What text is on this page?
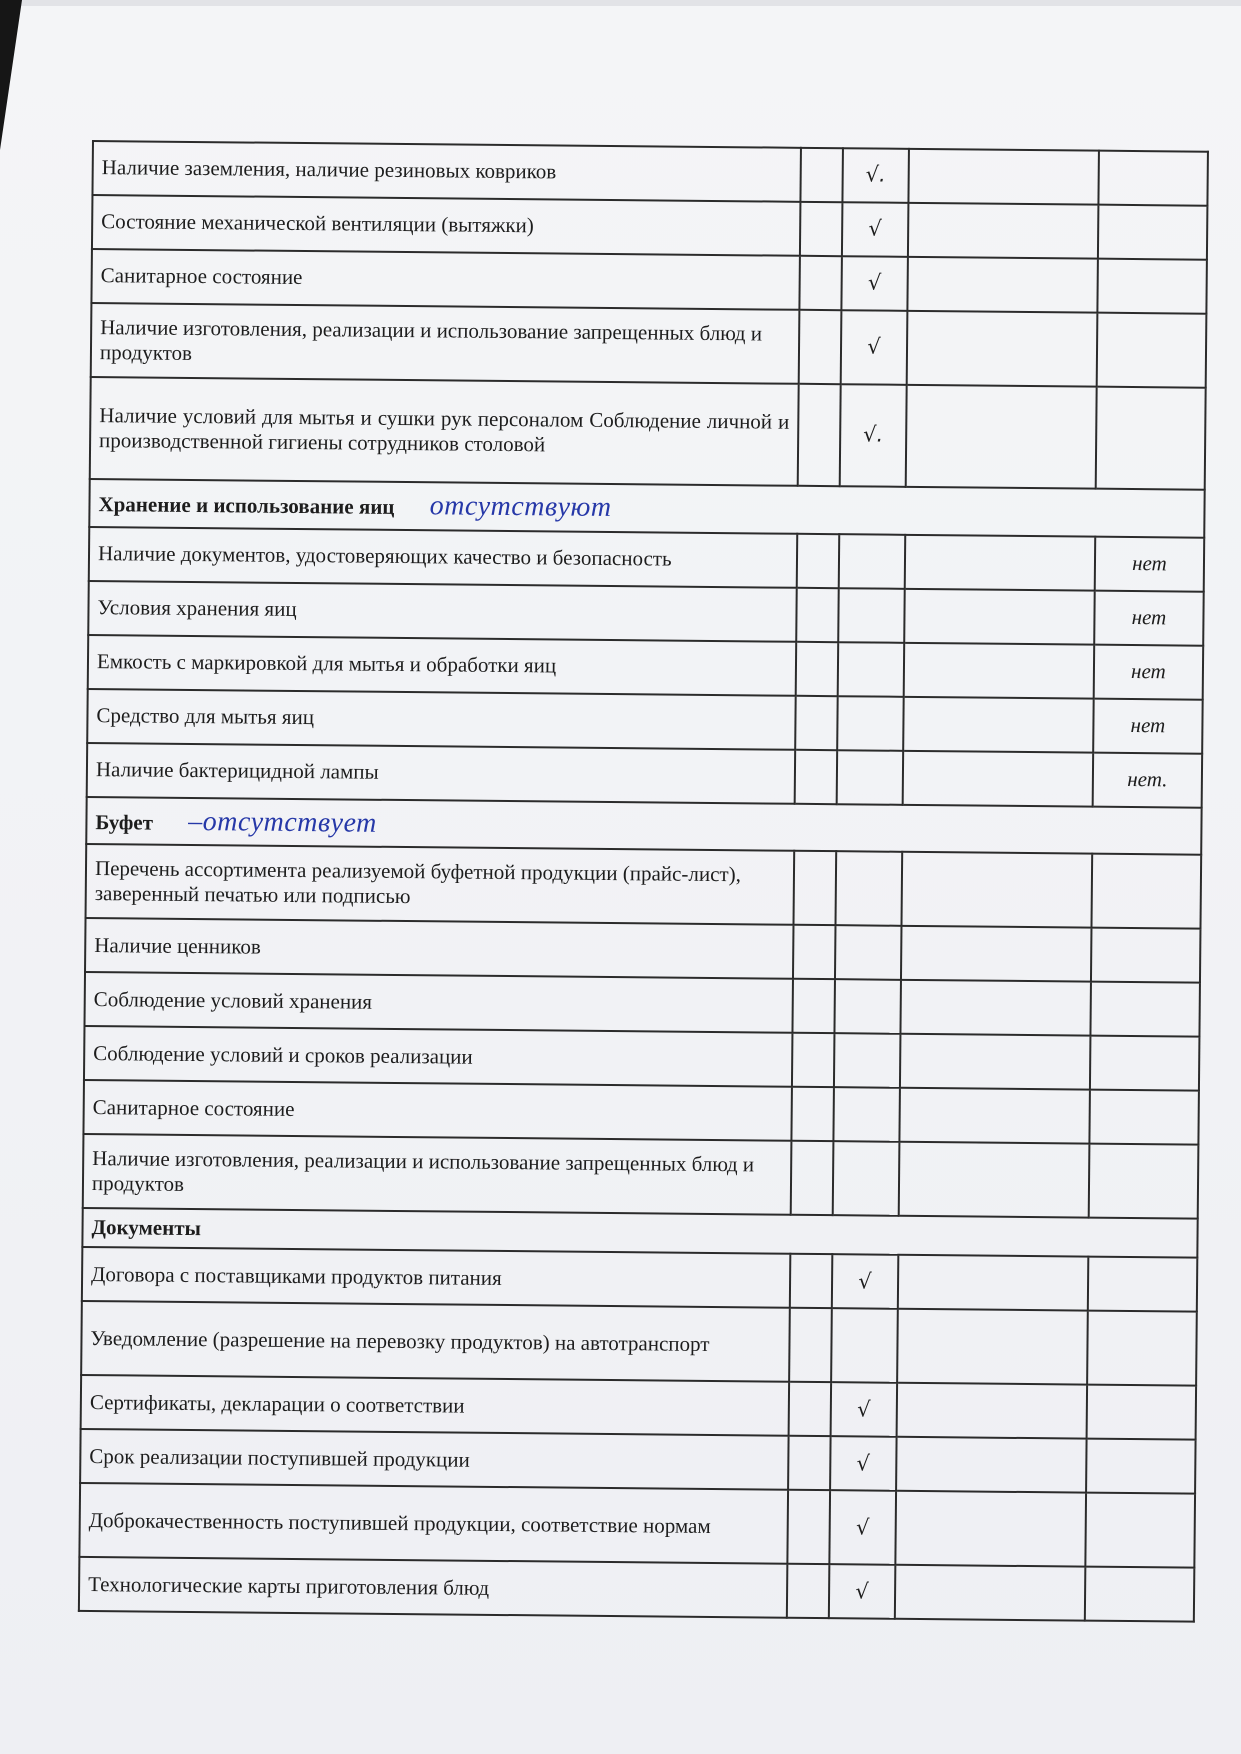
Наличие заземления, наличие резиновых ковриков		√.		
Состояние механической вентиляции (вытяжки)		√		
Санитарное состояние		√		
Наличие изготовления, реализации и использование запрещенных блюд и продуктов		√		
Наличие условий для мытья и сушки рук персоналом Соблюдение личной и производственной гигиены сотрудников столовой		√.		
Хранение и использование яиц отсутствуют				
Наличие документов, удостоверяющих качество и безопасность				нет
Условия хранения яиц				нет
Емкость с маркировкой для мытья и обработки яиц				нет
Средство для мытья яиц				нет
Наличие бактерицидной лампы				нет.
Буфет –отсутствует				
Перечень ассортимента реализуемой буфетной продукции (прайс-лист), заверенный печатью или подписью				
Наличие ценников				
Соблюдение условий хранения				
Соблюдение условий и сроков реализации				
Санитарное состояние				
Наличие изготовления, реализации и использование запрещенных блюд и продуктов				
Документы				
Договора с поставщиками продуктов питания		√		
Уведомление (разрешение на перевозку продуктов) на автотранспорт				
Сертификаты, декларации о соответствии		√		
Срок реализации поступившей продукции		√		
Доброкачественность поступившей продукции, соответствие нормам		√		
Технологические карты приготовления блюд		√		
